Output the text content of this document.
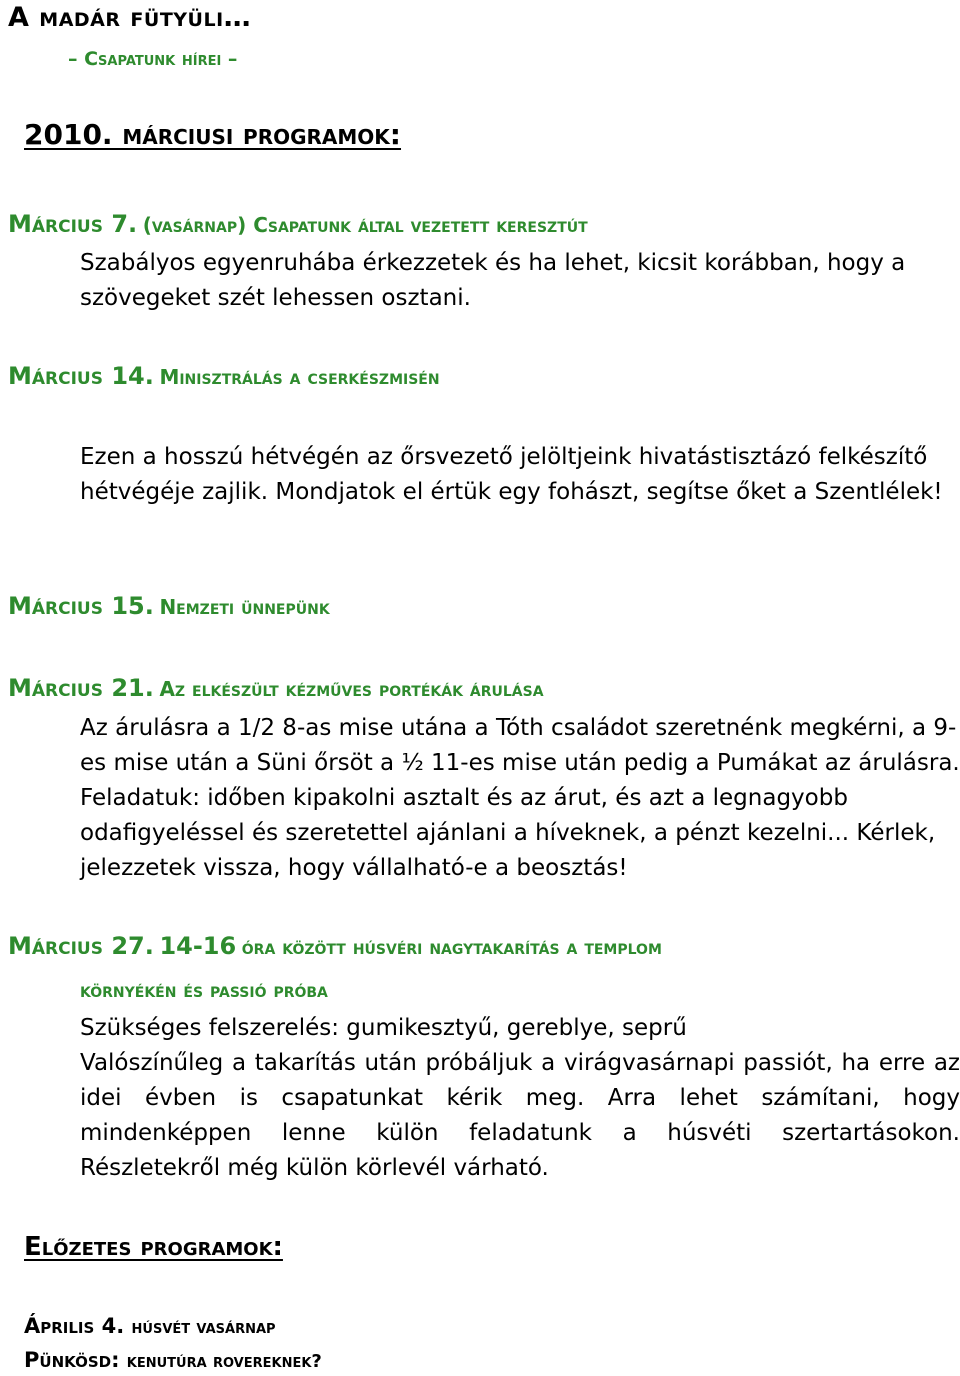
A madár fütyüli…
– Csapatunk hírei –
2010. márciusi programok:
Március 7. (vasárnap) Csapatunk által vezetett keresztút
Szabályos egyenruhába érkezzetek és ha lehet, kicsit korábban, hogy a szövegeket szét lehessen osztani.
Március 14. Minisztrálás a cserkészmisén
Ezen a hosszú hétvégén az őrsvezető jelöltjeink hivatástisztázó felkészítő hétvégéje zajlik. Mondjatok el értük egy fohászt, segítse őket a Szentlélek!
Március 15. Nemzeti ünnepünk
Március 21. Az elkészült kézműves portékák árulása
Az árulásra a 1/2 8-as mise utána a Tóth családot szeretnénk megkérni, a 9-es mise után a Süni őrsöt a ½ 11-es mise után pedig a Pumákat az árulásra. Feladatuk: időben kipakolni asztalt és az árut, és azt a legnagyobb odafigyeléssel és szeretettel ajánlani a híveknek, a pénzt kezelni... Kérlek, jelezzetek vissza, hogy vállalható-e a beosztás!
Március 27. 14-16 óra között húsvéri nagytakarítás a templom
környékén és passió próba
Szükséges felszerelés: gumikesztyű, gereblye, seprű
Valószínűleg a takarítás után próbáljuk a virágvasárnapi passiót, ha erre az idei évben is csapatunkat kérik meg. Arra lehet számítani, hogy mindenképpen lenne külön feladatunk a húsvéti szertartásokon. Részletekről még külön körlevél várható.
Előzetes programok:
Április 4. húsvét vasárnap
Pünkösd: kenutúra rovereknek?
